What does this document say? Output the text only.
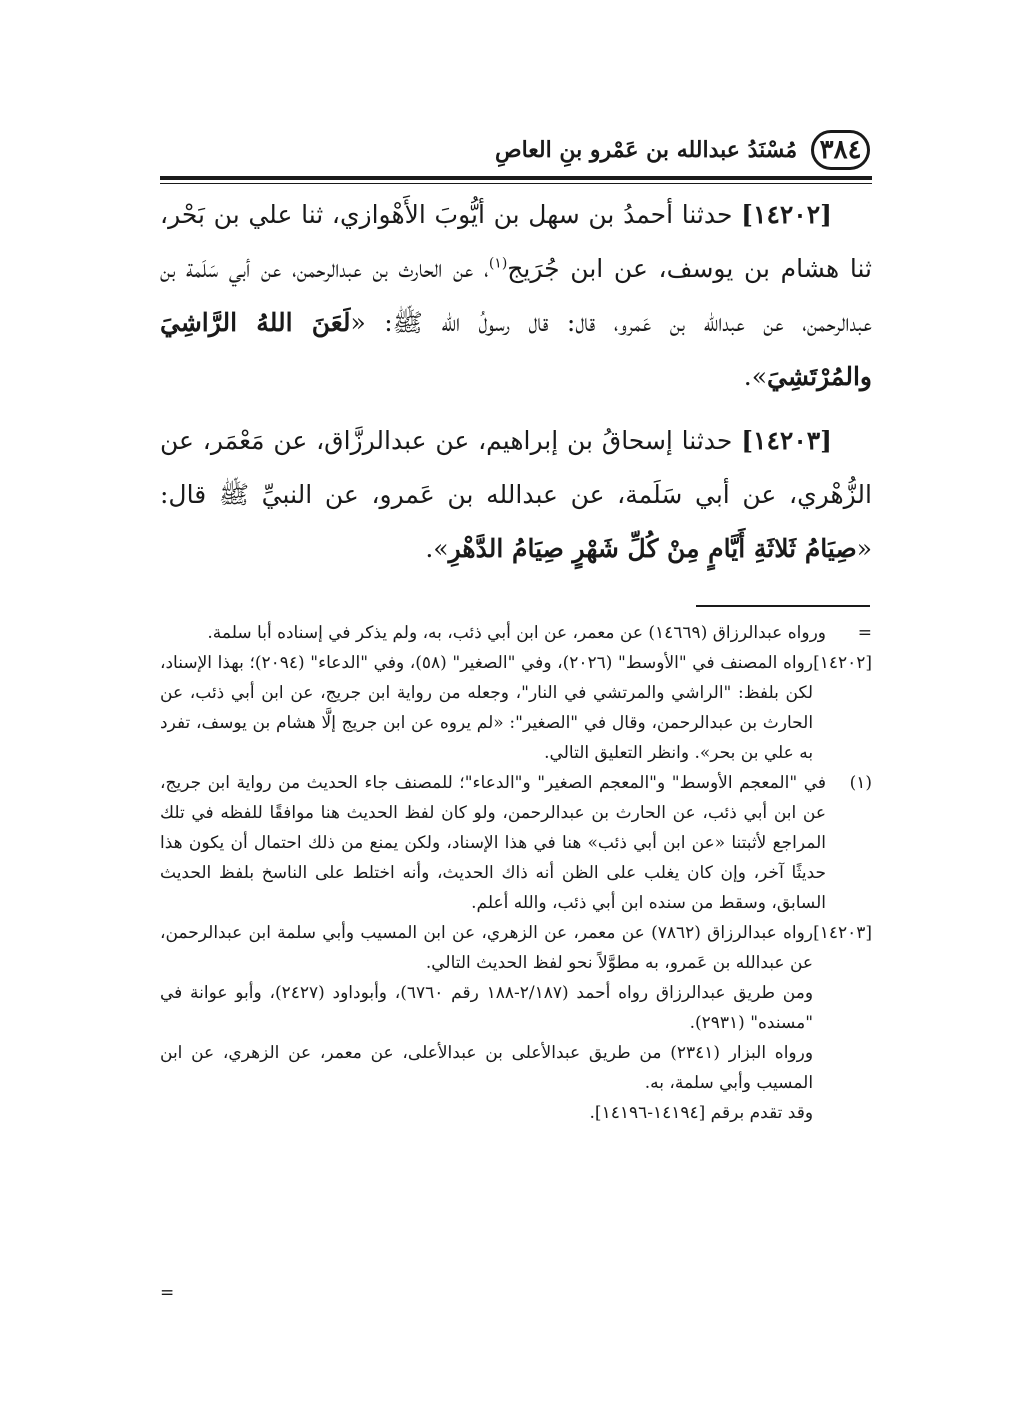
٣٨٤
مُسْنَدُ عبدالله بن عَمْرو بنِ العاصِ

[١٤٢٠٢] حدثنا أحمدُ بن سهل بن أيُّوبَ الأَهْوازي، ثنا علي بن بَحْر، ثنا هشام بن يوسف، عن ابن جُرَيج$^{(١)}$، عن الحارث بن عبدالرحمن، عن أبي سَلَمة بن عبدالرحمن، عن عبدالله بن عَمرو، قال: قال رسولُ الله ﷺ: «لَعَنَ اللهُ الرَّاشِيَ والمُرْتَشِيَ».

[١٤٢٠٣] حدثنا إسحاقُ بن إبراهيم، عن عبدالرزَّاق، عن مَعْمَر، عن الزُّهْري، عن أبي سَلَمة، عن عبدالله بن عَمرو، عن النبيِّ ﷺ قال: «صِيَامُ ثَلاثَةِ أَيَّامٍ مِنْ كُلِّ شَهْرٍ صِيَامُ الدَّهْرِ».

=

ورواه عبدالرزاق (١٤٦٦٩) عن معمر، عن ابن أبي ذئب، به، ولم يذكر في إسناده أبا سلمة.

[١٤٢٠٢]

رواه المصنف في "الأوسط" (٢٠٢٦)، وفي "الصغير" (٥٨)، وفي "الدعاء" (٢٠٩٤)؛ بهذا الإسناد، لكن بلفظ: "الراشي والمرتشي في النار"، وجعله من رواية ابن جريج، عن ابن أبي ذئب، عن الحارث بن عبدالرحمن، وقال في "الصغير": «لم يروه عن ابن جريج إلَّا هشام بن يوسف، تفرد به علي بن بحر». وانظر التعليق التالي.

(١)

في "المعجم الأوسط" و"المعجم الصغير" و"الدعاء"؛ للمصنف جاء الحديث من رواية ابن جريج، عن ابن أبي ذئب، عن الحارث بن عبدالرحمن، ولو كان لفظ الحديث هنا موافقًا للفظه في تلك المراجع لأثبتنا «عن ابن أبي ذئب» هنا في هذا الإسناد، ولكن يمنع من ذلك احتمال أن يكون هذا حديثًا آخر، وإن كان يغلب على الظن أنه ذاك الحديث، وأنه اختلط على الناسخ بلفظ الحديث السابق، وسقط من سنده ابن أبي ذئب، والله أعلم.

[١٤٢٠٣]

رواه عبدالرزاق (٧٨٦٢) عن معمر، عن الزهري، عن ابن المسيب وأبي سلمة ابن عبدالرحمن، عن عبدالله بن عَمرو، به مطوَّلاً نحو لفظ الحديث التالي.

ومن طريق عبدالرزاق رواه أحمد (٢/١٨٧-١٨٨ رقم ٦٧٦٠)، وأبوداود (٢٤٢٧)، وأبو عوانة في "مسنده" (٢٩٣١).

ورواه البزار (٢٣٤١) من طريق عبدالأعلى بن عبدالأعلى، عن معمر، عن الزهري، عن ابن المسيب وأبي سلمة، به.

وقد تقدم برقم [١٤١٩٤-١٤١٩٦].

=
